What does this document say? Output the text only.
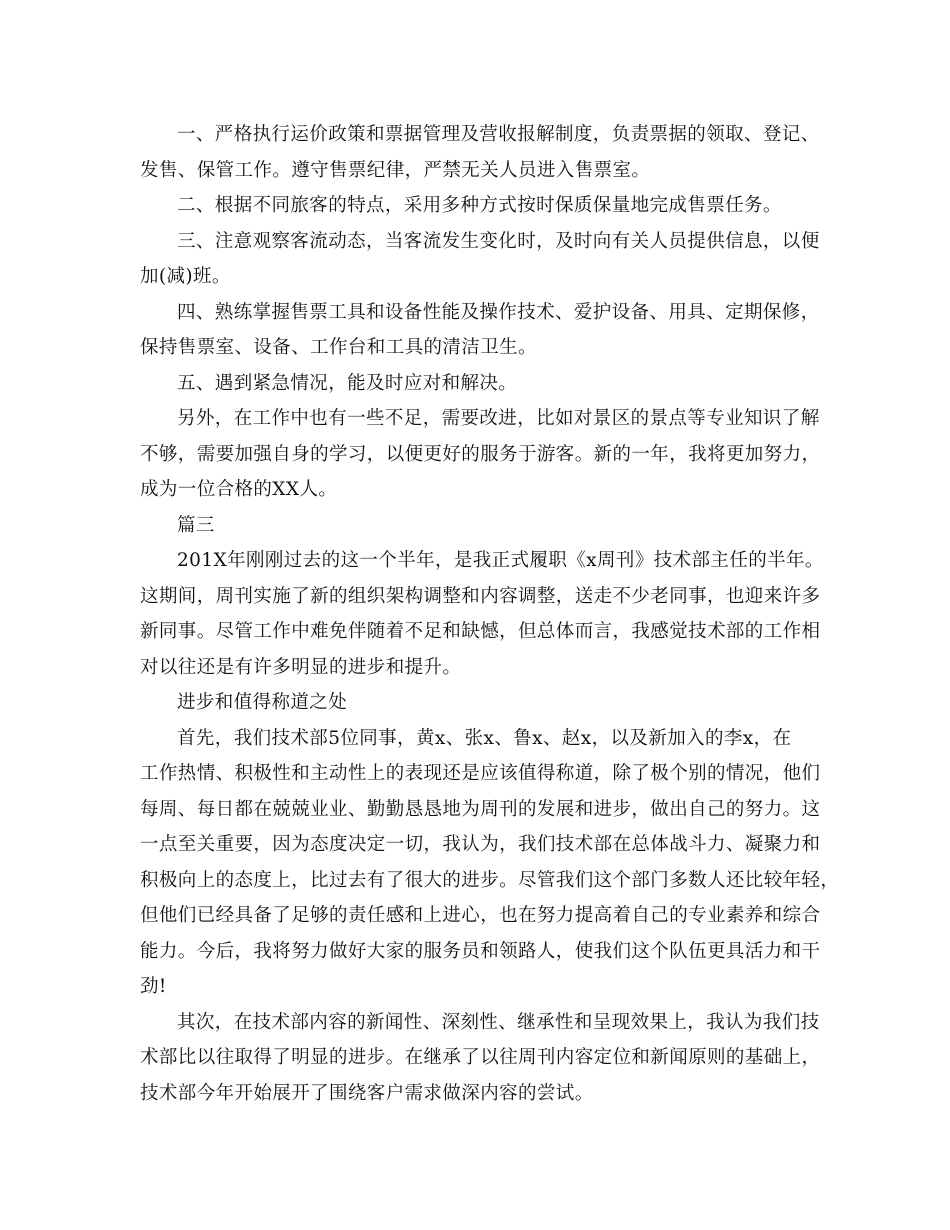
一、严格执行运价政策和票据管理及营收报解制度，负责票据的领取、登记、
发售、保管工作。遵守售票纪律，严禁无关人员进入售票室。

二、根据不同旅客的特点，采用多种方式按时保质保量地完成售票任务。

三、注意观察客流动态，当客流发生变化时，及时向有关人员提供信息，以便
加(减)班。

四、熟练掌握售票工具和设备性能及操作技术、爱护设备、用具、定期保修，
保持售票室、设备、工作台和工具的清洁卫生。

五、遇到紧急情况，能及时应对和解决。

另外，在工作中也有一些不足，需要改进，比如对景区的景点等专业知识了解
不够，需要加强自身的学习，以便更好的服务于游客。新的一年，我将更加努力，
成为一位合格的XX人。

篇三

201X年刚刚过去的这一个半年，是我正式履职《x周刊》技术部主任的半年。
这期间，周刊实施了新的组织架构调整和内容调整，送走不少老同事，也迎来许多
新同事。尽管工作中难免伴随着不足和缺憾，但总体而言，我感觉技术部的工作相
对以往还是有许多明显的进步和提升。

进步和值得称道之处

首先，我们技术部5位同事，黄x、张x、鲁x、赵x，以及新加入的李x，在
工作热情、积极性和主动性上的表现还是应该值得称道，除了极个别的情况，他们
每周、每日都在兢兢业业、勤勤恳恳地为周刊的发展和进步，做出自己的努力。这
一点至关重要，因为态度决定一切，我认为，我们技术部在总体战斗力、凝聚力和
积极向上的态度上，比过去有了很大的进步。尽管我们这个部门多数人还比较年轻，
但他们已经具备了足够的责任感和上进心，也在努力提高着自己的专业素养和综合
能力。今后，我将努力做好大家的服务员和领路人，使我们这个队伍更具活力和干
劲!

其次，在技术部内容的新闻性、深刻性、继承性和呈现效果上，我认为我们技
术部比以往取得了明显的进步。在继承了以往周刊内容定位和新闻原则的基础上，
技术部今年开始展开了围绕客户需求做深内容的尝试。
